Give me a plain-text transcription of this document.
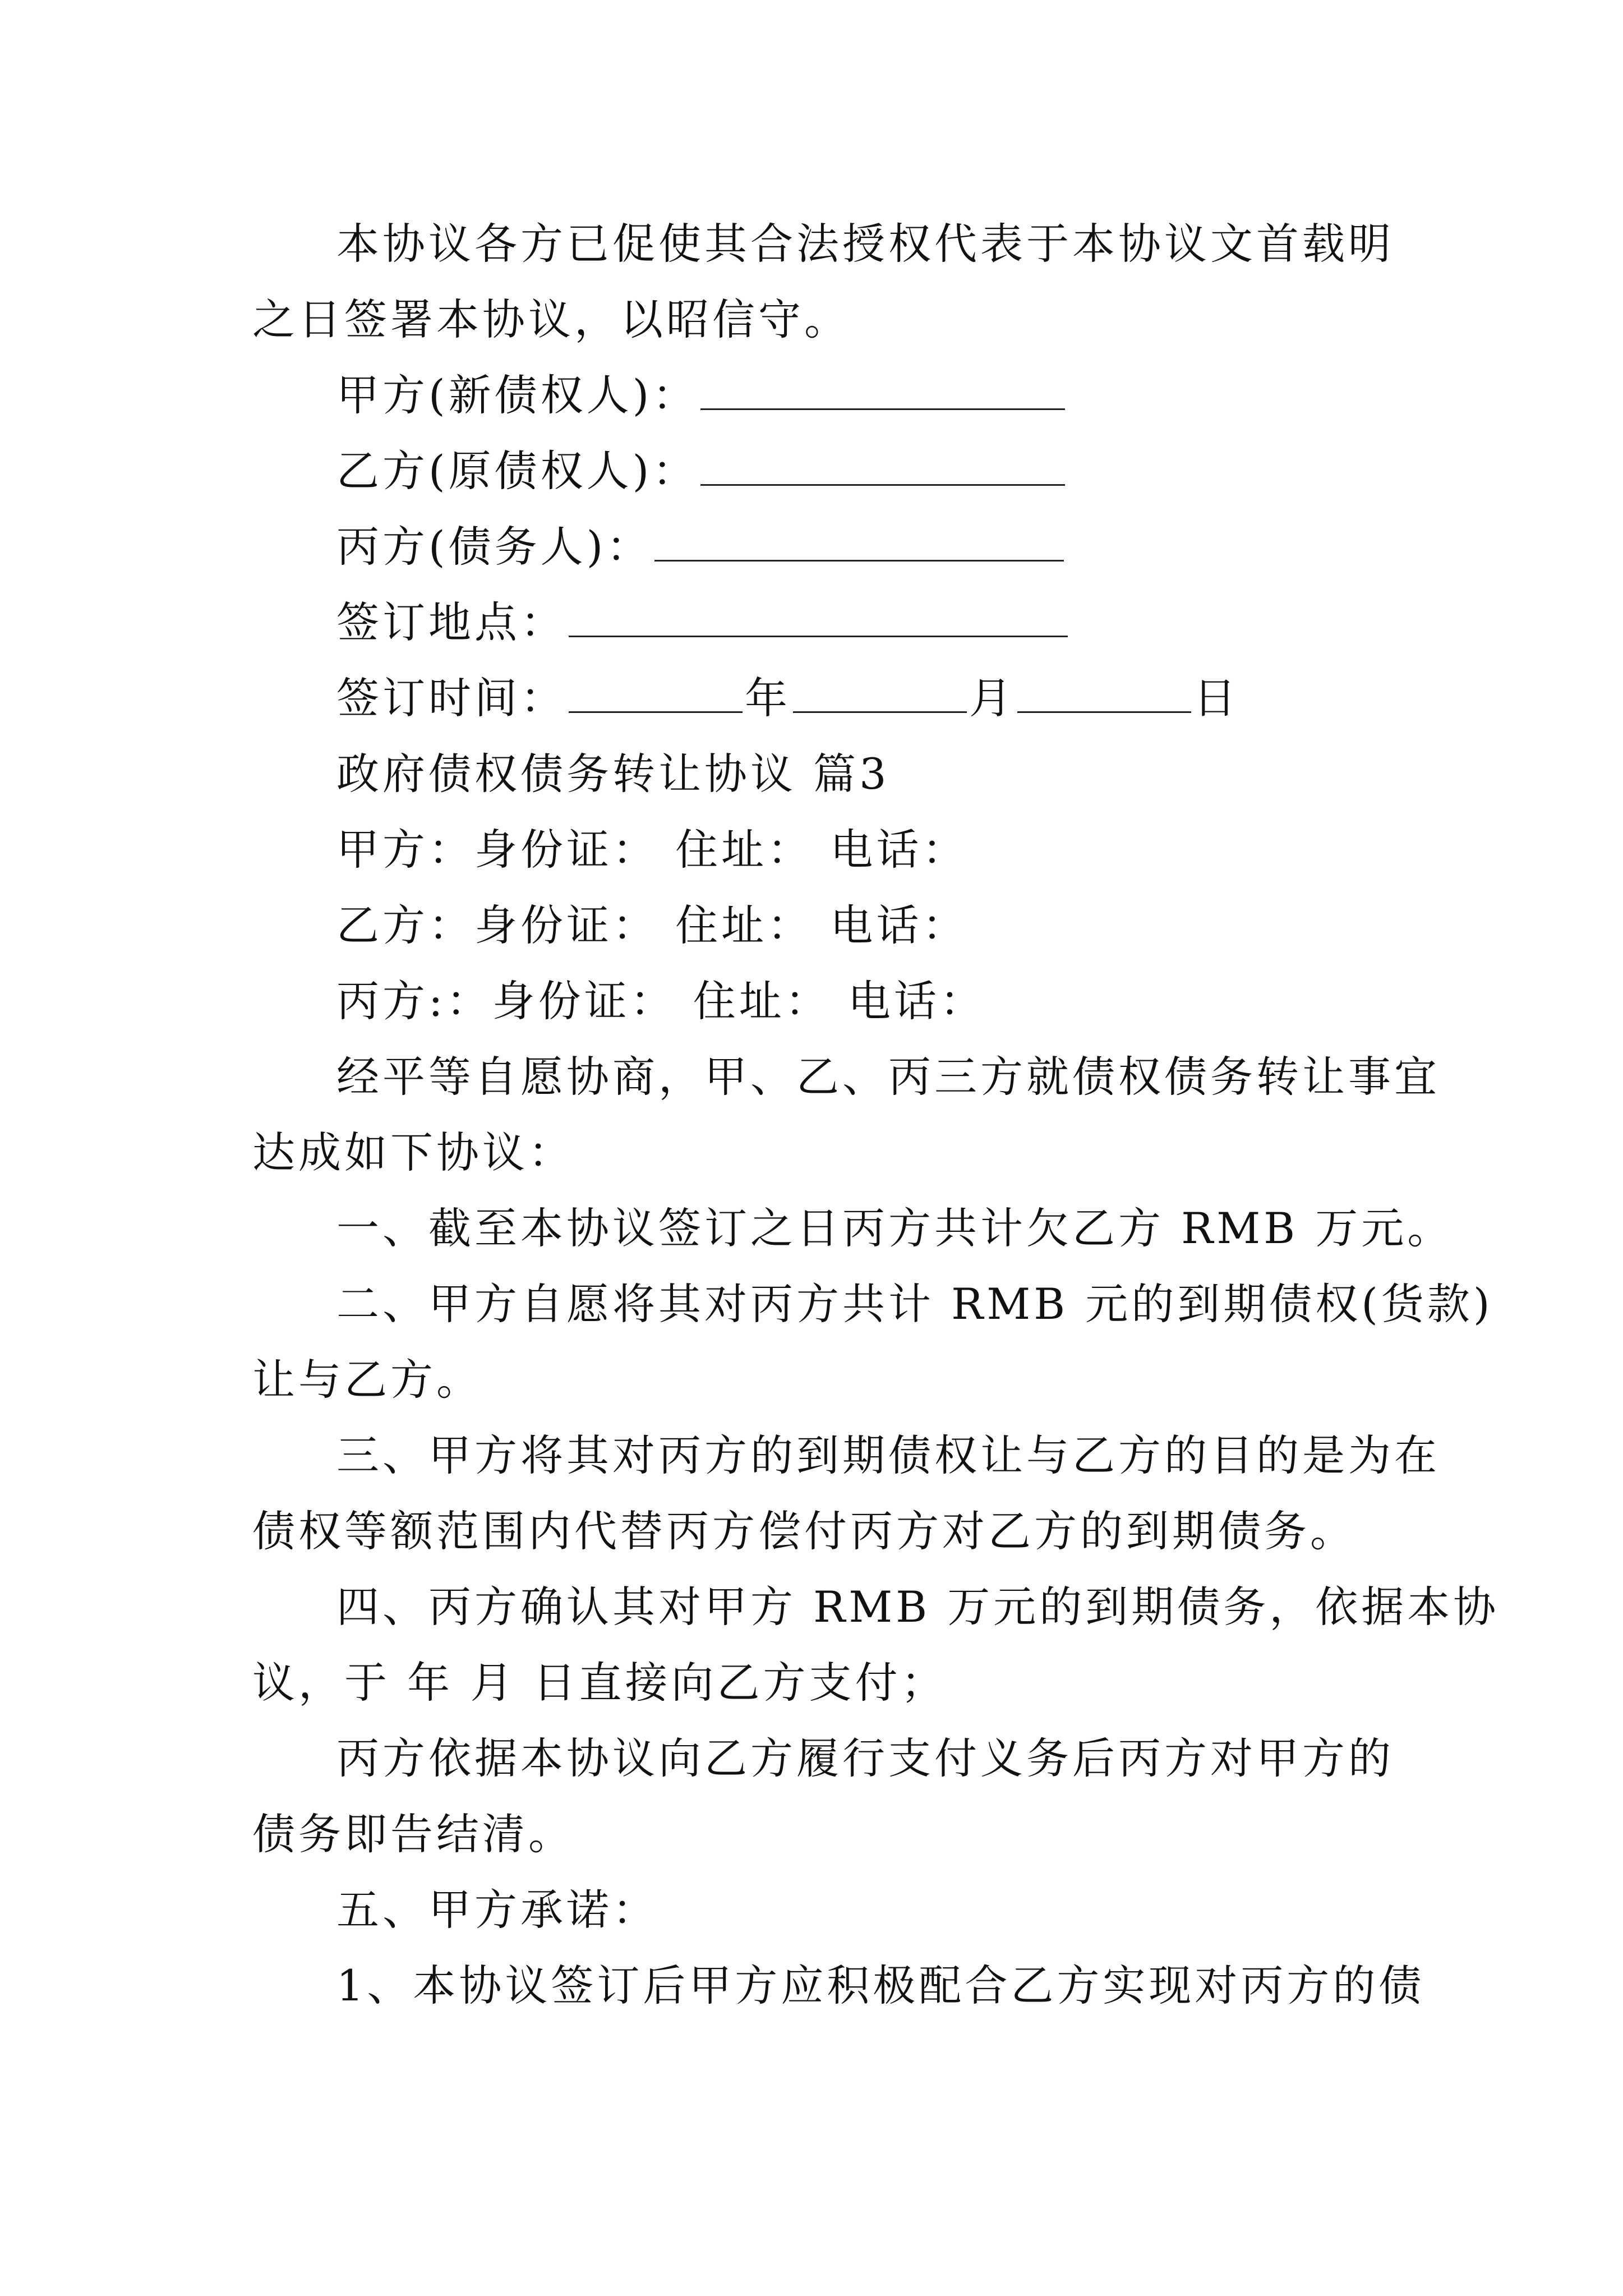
本协议各方已促使其合法授权代表于本协议文首载明
之日签署本协议，以昭信守。
甲方(新债权人)：
乙方(原债权人)：
丙方(债务人)：
签订地点：
签订时间：	年	月	日
政府债权债务转让协议 篇3
甲方：身份证： 住址： 电话：
乙方：身份证： 住址： 电话：
丙方:：身份证： 住址： 电话：
经平等自愿协商，甲、乙、丙三方就债权债务转让事宜
达成如下协议：
一、截至本协议签订之日丙方共计欠乙方 RMB 万元。
二、甲方自愿将其对丙方共计 RMB 元的到期债权(货款)
让与乙方。
三、甲方将其对丙方的到期债权让与乙方的目的是为在
债权等额范围内代替丙方偿付丙方对乙方的到期债务。
四、丙方确认其对甲方 RMB 万元的到期债务，依据本协
议，于 年 月 日直接向乙方支付；
丙方依据本协议向乙方履行支付义务后丙方对甲方的
债务即告结清。
五、甲方承诺：
1、本协议签订后甲方应积极配合乙方实现对丙方的债
